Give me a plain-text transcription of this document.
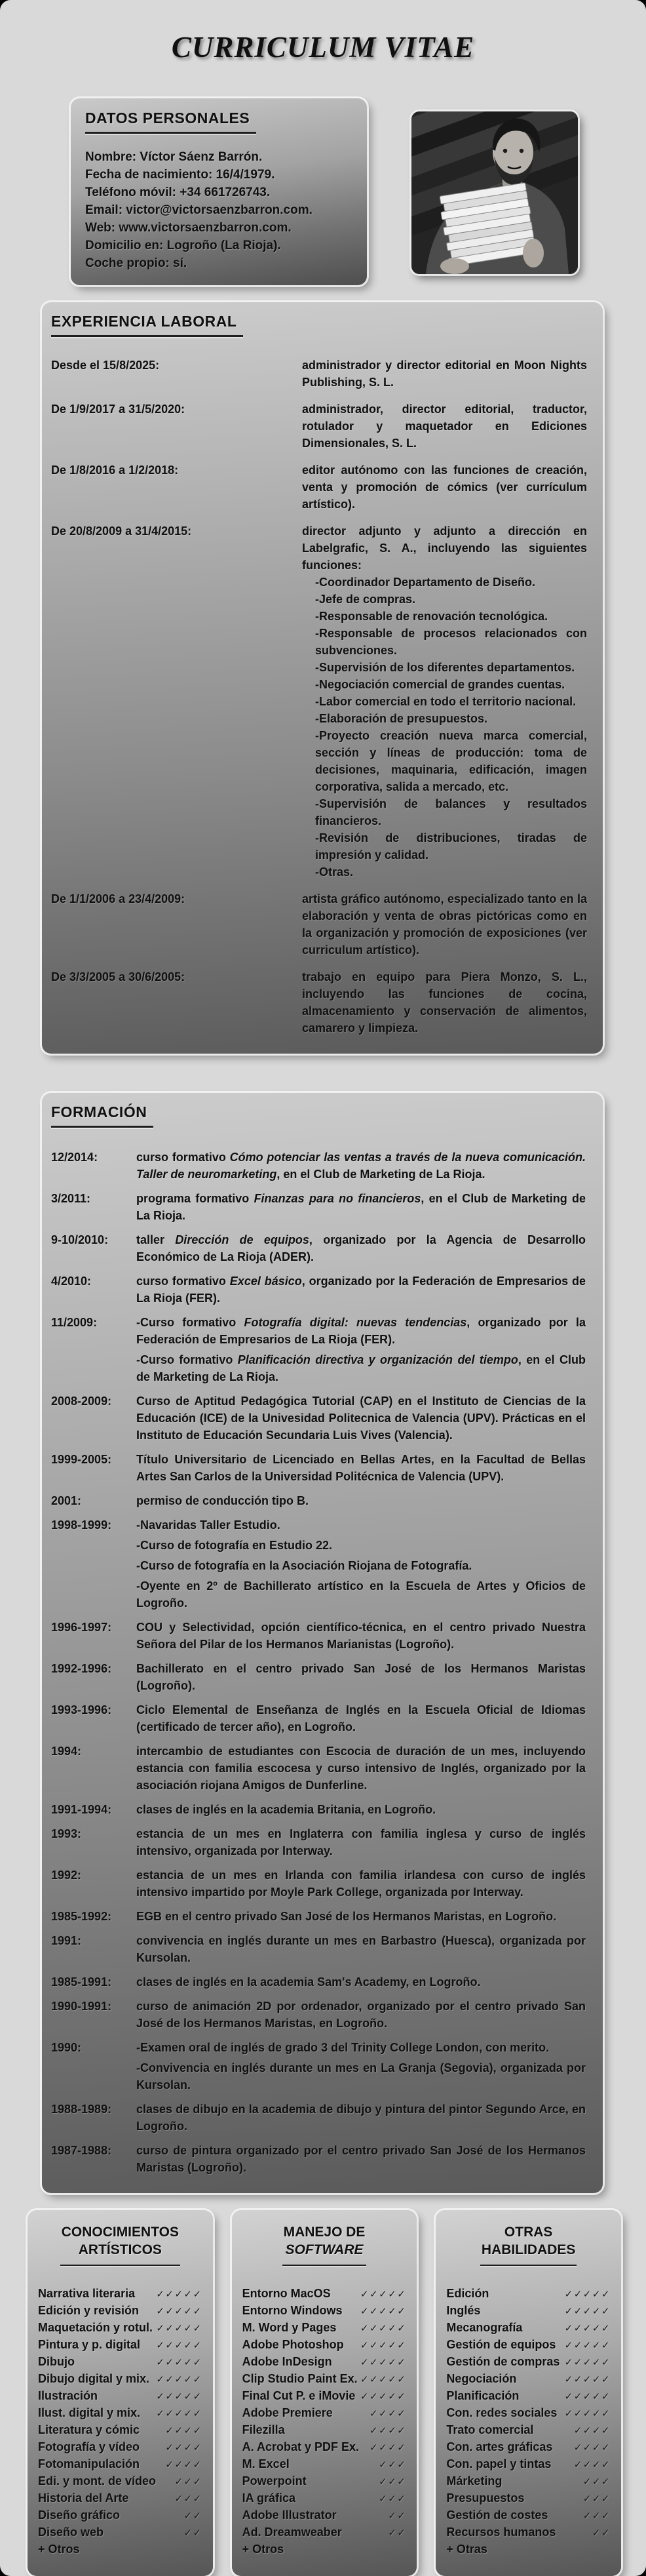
CURRICULUM VITAE
DATOS PERSONALES
Nombre: Víctor Sáenz Barrón.
Fecha de nacimiento: 16/4/1979.
Teléfono móvil: +34 661726743.
Email: victor@victorsaenzbarron.com.
Web: www.victorsaenzbarron.com.
Domicilio en: Logroño (La Rioja).
Coche propio: sí.
EXPERIENCIA LABORAL
Desde el 15/8/2025:	administrador y director editorial en Moon Nights Publishing, S. L.
De 1/9/2017 a 31/5/2020:	administrador, director editorial, traductor, rotulador y maquetador en Ediciones Dimensionales, S. L.
De 1/8/2016 a 1/2/2018:	editor autónomo con las funciones de creación, venta y promoción de cómics (ver currículum artístico).
De 20/8/2009 a 31/4/2015:	director adjunto y adjunto a dirección en Labelgrafic, S. A., incluyendo las siguientes funciones:
-Coordinador Departamento de Diseño.
-Jefe de compras.
-Responsable de renovación tecnológica.
-Responsable de procesos relacionados con subvenciones.
-Supervisión de los diferentes departamentos.
-Negociación comercial de grandes cuentas.
-Labor comercial en todo el territorio nacional.
-Elaboración de presupuestos.
-Proyecto creación nueva marca comercial, sección y líneas de producción: toma de decisiones, maquinaria, edificación, imagen corporativa, salida a mercado, etc.
-Supervisión de balances y resultados financieros.
-Revisión de distribuciones, tiradas de impresión y calidad.
-Otras.
De 1/1/2006 a 23/4/2009:	artista gráfico autónomo, especializado tanto en la elaboración y venta de obras pictóricas como en la organización y promoción de exposiciones (ver curriculum artístico).
De 3/3/2005 a 30/6/2005:	trabajo en equipo para Piera Monzo, S. L., incluyendo las funciones de cocina, almacenamiento y conservación de alimentos, camarero y limpieza.
FORMACIÓN
12/2014:	curso formativo Cómo potenciar las ventas a través de la nueva comunicación. Taller de neuromarketing, en el Club de Marketing de La Rioja.
3/2011:	programa formativo Finanzas para no financieros, en el Club de Marketing de La Rioja.
9-10/2010:	taller Dirección de equipos, organizado por la Agencia de Desarrollo Económico de La Rioja (ADER).
4/2010:	curso formativo Excel básico, organizado por la Federación de Empresarios de La Rioja (FER).
11/2009:	-Curso formativo Fotografía digital: nuevas tendencias, organizado por la Federación de Empresarios de La Rioja (FER).
-Curso formativo Planificación directiva y organización del tiempo, en el Club de Marketing de La Rioja.
2008-2009:	Curso de Aptitud Pedagógica Tutorial (CAP) en el Instituto de Ciencias de la Educación (ICE) de la Univesidad Politecnica de Valencia (UPV). Prácticas en el Instituto de Educación Secundaria Luis Vives (Valencia).
1999-2005:	Título Universitario de Licenciado en Bellas Artes, en la Facultad de Bellas Artes San Carlos de la Universidad Politécnica de Valencia (UPV).
2001:	permiso de conducción tipo B.
1998-1999:	-Navaridas Taller Estudio.
-Curso de fotografía en Estudio 22.
-Curso de fotografía en la Asociación Riojana de Fotografía.
-Oyente en 2º de Bachillerato artístico en la Escuela de Artes y Oficios de Logroño.
1996-1997:	COU y Selectividad, opción científico-técnica, en el centro privado Nuestra Señora del Pilar de los Hermanos Marianistas (Logroño).
1992-1996:	Bachillerato en el centro privado San José de los Hermanos Maristas (Logroño).
1993-1996:	Ciclo Elemental de Enseñanza de Inglés en la Escuela Oficial de Idiomas (certificado de tercer año), en Logroño.
1994:	intercambio de estudiantes con Escocia de duración de un mes, incluyendo estancia con familia escocesa y curso intensivo de Inglés, organizado por la asociación riojana Amigos de Dunferline.
1991-1994:	clases de inglés en la academia Britania, en Logroño.
1993:	estancia de un mes en Inglaterra con familia inglesa y curso de inglés intensivo, organizada por Interway.
1992:	estancia de un mes en Irlanda con familia irlandesa con curso de inglés intensivo impartido por Moyle Park College, organizada por Interway.
1985-1992:	EGB en el centro privado San José de los Hermanos Maristas, en Logroño.
1991:	convivencia en inglés durante un mes en Barbastro (Huesca), organizada por Kursolan.
1985-1991:	clases de inglés en la academia Sam's Academy, en Logroño.
1990-1991:	curso de animación 2D por ordenador, organizado por el centro privado San José de los Hermanos Maristas, en Logroño.
1990:	-Examen oral de inglés de grado 3 del Trinity College London, con merito.
-Convivencia en inglés durante un mes en La Granja (Segovia), organizada por Kursolan.
1988-1989:	clases de dibujo en la academia de dibujo y pintura del pintor Segundo Arce, en Logroño.
1987-1988:	curso de pintura organizado por el centro privado San José de los Hermanos Maristas (Logroño).
CONOCIMIENTOS
ARTÍSTICOS
Narrativa literaria ✓✓✓✓✓
Edición y revisión ✓✓✓✓✓
Maquetación y rotul. ✓✓✓✓✓
Pintura y p. digital ✓✓✓✓✓
Dibujo	✓✓✓✓✓
Dibujo digital y mix. ✓✓✓✓✓
Ilustración	✓✓✓✓✓
Ilust. digital y mix. ✓✓✓✓✓
Literatura y cómic	✓✓✓✓
Fotografía y vídeo	✓✓✓✓
Fotomanipulación	✓✓✓✓
Edi. y mont. de vídeo ✓✓✓
Historia del Arte	✓✓✓
Diseño gráfico	✓✓
Diseño web	✓✓
+ Otros
MANEJO DE
SOFTWARE
Entorno MacOS	✓✓✓✓✓
Entorno Windows ✓✓✓✓✓
M. Word y Pages ✓✓✓✓✓
Adobe Photoshop ✓✓✓✓✓
Adobe InDesign	✓✓✓✓✓
Clip Studio Paint Ex. ✓✓✓✓✓
Final Cut P. e iMovie ✓✓✓✓✓
Adobe Premiere	✓✓✓✓
Filezilla	✓✓✓✓
A. Acrobat y PDF Ex. ✓✓✓✓
M. Excel	✓✓✓
Powerpoint	✓✓✓
IA gráfica	✓✓✓
Adobe Illustrator	✓✓
Ad. Dreamweaber	✓✓
+ Otros
OTRAS
HABILIDADES
Edición	✓✓✓✓✓
Inglés	✓✓✓✓✓
Mecanografía	✓✓✓✓✓
Gestión de equipos ✓✓✓✓✓
Gestión de compras ✓✓✓✓✓
Negociación	✓✓✓✓✓
Planificación	✓✓✓✓✓
Con. redes sociales ✓✓✓✓✓
Trato comercial	✓✓✓✓
Con. artes gráficas ✓✓✓✓
Con. papel y tintas ✓✓✓✓
Márketing	✓✓✓
Presupuestos	✓✓✓
Gestión de costes	✓✓✓
Recursos humanos	✓✓
+ Otras
